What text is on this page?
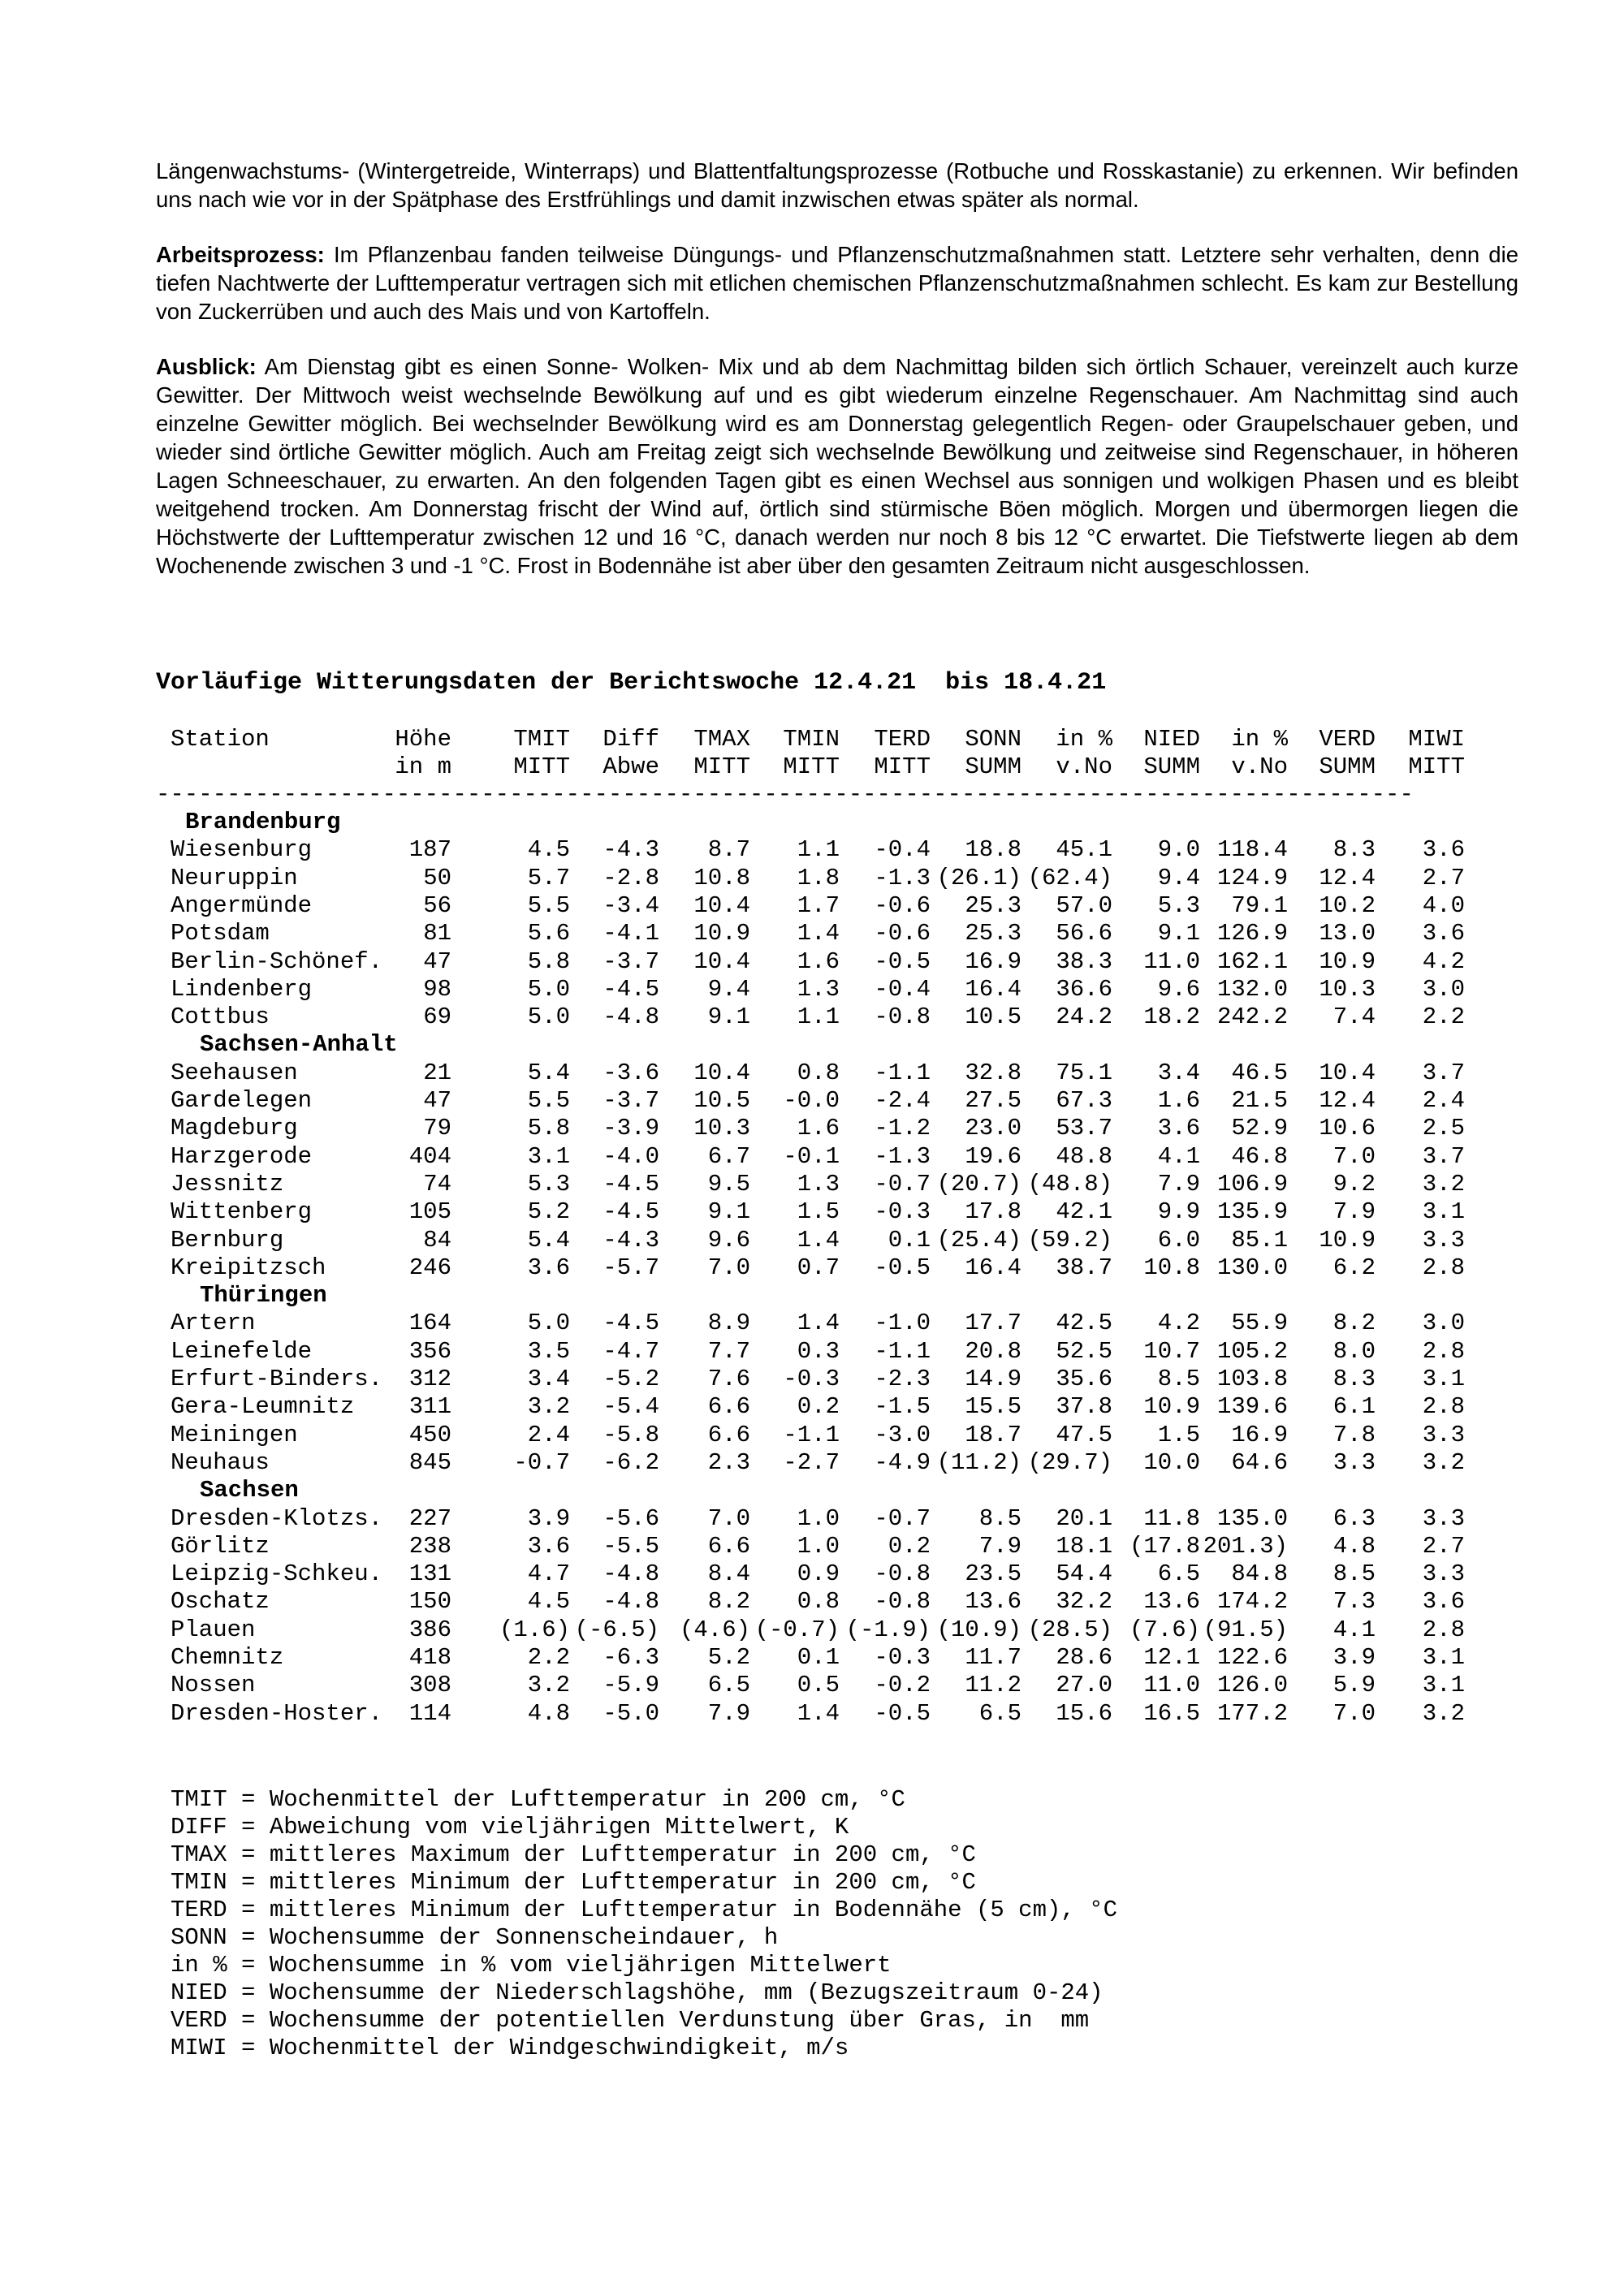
Längenwachstums- (Wintergetreide, Winterraps) und Blattentfaltungsprozesse (Rotbuche und Rosskastanie) zu erkennen. Wir befinden uns nach wie vor in der Spätphase des Erstfrühlings und damit inzwischen etwas später als normal.

Arbeitsprozess: Im Pflanzenbau fanden teilweise Düngungs- und Pflanzenschutzmaßnahmen statt. Letztere sehr verhalten, denn die tiefen Nachtwerte der Lufttemperatur vertragen sich mit etlichen chemischen Pflanzenschutzmaßnahmen schlecht. Es kam zur Bestellung von Zuckerrüben und auch des Mais und von Kartoffeln.

Ausblick: Am Dienstag gibt es einen Sonne- Wolken- Mix und ab dem Nachmittag bilden sich örtlich Schauer, vereinzelt auch kurze Gewitter. Der Mittwoch weist wechselnde Bewölkung auf und es gibt wiederum einzelne Regenschauer. Am Nachmittag sind auch einzelne Gewitter möglich. Bei wechselnder Bewölkung wird es am Donnerstag gelegentlich Regen- oder Graupelschauer geben, und wieder sind örtliche Gewitter möglich. Auch am Freitag zeigt sich wechselnde Bewölkung und zeitweise sind Regenschauer, in höheren Lagen Schneeschauer, zu erwarten. An den folgenden Tagen gibt es einen Wechsel aus sonnigen und wolkigen Phasen und es bleibt weitgehend trocken. Am Donnerstag frischt der Wind auf, örtlich sind stürmische Böen möglich. Morgen und übermorgen liegen die Höchstwerte der Lufttemperatur zwischen 12 und 16 °C, danach werden nur noch 8 bis 12 °C erwartet. Die Tiefstwerte liegen ab dem Wochenende zwischen 3 und -1 °C. Frost in Bodennähe ist aber über den gesamten Zeitraum nicht ausgeschlossen.

Vorläufige Witterungsdaten der Berichtswoche 12.4.21  bis 18.4.21
Station	Höhe	TMIT	Diff	TMAX	TMIN	TERD	SONN	in %	NIED	in %	VERD	MIWI
in m	MITT	Abwe	MITT	MITT	MITT	SUMM	v.No	SUMM	v.No	SUMM	MITT
-----------------------------------------------------------------------------------------
Brandenburg
Wiesenburg	187	4.5	-4.3	8.7	1.1	-0.4	18.8	45.1	9.0 118.4	8.3	3.6
Neuruppin	50	5.7	-2.8	10.8	1.8	-1.3 (26.1) (62.4)	9.4 124.9	12.4	2.7
Angermünde	56	5.5	-3.4	10.4	1.7	-0.6	25.3	57.0	5.3	79.1	10.2	4.0
Potsdam	81	5.6	-4.1	10.9	1.4	-0.6	25.3	56.6	9.1 126.9	13.0	3.6
Berlin-Schönef.	47	5.8	-3.7	10.4	1.6	-0.5	16.9	38.3	11.0 162.1	10.9	4.2
Lindenberg	98	5.0	-4.5	9.4	1.3	-0.4	16.4	36.6	9.6 132.0	10.3	3.0
Cottbus	69	5.0	-4.8	9.1	1.1	-0.8	10.5	24.2	18.2 242.2	7.4	2.2
Sachsen-Anhalt
Seehausen	21	5.4	-3.6	10.4	0.8	-1.1	32.8	75.1	3.4	46.5	10.4	3.7
Gardelegen	47	5.5	-3.7	10.5	-0.0	-2.4	27.5	67.3	1.6	21.5	12.4	2.4
Magdeburg	79	5.8	-3.9	10.3	1.6	-1.2	23.0	53.7	3.6	52.9	10.6	2.5
Harzgerode	404	3.1	-4.0	6.7	-0.1	-1.3	19.6	48.8	4.1	46.8	7.0	3.7
Jessnitz	74	5.3	-4.5	9.5	1.3	-0.7 (20.7) (48.8)	7.9 106.9	9.2	3.2
Wittenberg	105	5.2	-4.5	9.1	1.5	-0.3	17.8	42.1	9.9 135.9	7.9	3.1
Bernburg	84	5.4	-4.3	9.6	1.4	0.1 (25.4) (59.2)	6.0	85.1	10.9	3.3
Kreipitzsch	246	3.6	-5.7	7.0	0.7	-0.5	16.4	38.7	10.8 130.0	6.2	2.8
Thüringen
Artern	164	5.0	-4.5	8.9	1.4	-1.0	17.7	42.5	4.2	55.9	8.2	3.0
Leinefelde	356	3.5	-4.7	7.7	0.3	-1.1	20.8	52.5	10.7 105.2	8.0	2.8
Erfurt-Binders.	312	3.4	-5.2	7.6	-0.3	-2.3	14.9	35.6	8.5 103.8	8.3	3.1
Gera-Leumnitz	311	3.2	-5.4	6.6	0.2	-1.5	15.5	37.8	10.9 139.6	6.1	2.8
Meiningen	450	2.4	-5.8	6.6	-1.1	-3.0	18.7	47.5	1.5	16.9	7.8	3.3
Neuhaus	845	-0.7	-6.2	2.3	-2.7	-4.9 (11.2) (29.7)	10.0	64.6	3.3	3.2
Sachsen
Dresden-Klotzs.	227	3.9	-5.6	7.0	1.0	-0.7	8.5	20.1	11.8 135.0	6.3	3.3
Görlitz	238	3.6	-5.5	6.6	1.0	0.2	7.9	18.1 (17.8 201.3)	4.8	2.7
Leipzig-Schkeu.	131	4.7	-4.8	8.4	0.9	-0.8	23.5	54.4	6.5	84.8	8.5	3.3
Oschatz	150	4.5	-4.8	8.2	0.8	-0.8	13.6	32.2	13.6 174.2	7.3	3.6
Plauen	386	(1.6) (-6.5) (4.6) (-0.7) (-1.9) (10.9) (28.5) (7.6) (91.5)	4.1	2.8
Chemnitz	418	2.2	-6.3	5.2	0.1	-0.3	11.7	28.6	12.1 122.6	3.9	3.1
Nossen	308	3.2	-5.9	6.5	0.5	-0.2	11.2	27.0	11.0 126.0	5.9	3.1
Dresden-Hoster.	114	4.8	-5.0	7.9	1.4	-0.5	6.5	15.6	16.5 177.2	7.0	3.2
TMIT = Wochenmittel der Lufttemperatur in 200 cm, °C
DIFF = Abweichung vom vieljährigen Mittelwert, K
TMAX = mittleres Maximum der Lufttemperatur in 200 cm, °C
TMIN = mittleres Minimum der Lufttemperatur in 200 cm, °C
TERD = mittleres Minimum der Lufttemperatur in Bodennähe (5 cm), °C
SONN = Wochensumme der Sonnenscheindauer, h
in % = Wochensumme in % vom vieljährigen Mittelwert
NIED = Wochensumme der Niederschlagshöhe, mm (Bezugszeitraum 0-24)
VERD = Wochensumme der potentiellen Verdunstung über Gras, in  mm
MIWI = Wochenmittel der Windgeschwindigkeit, m/s
